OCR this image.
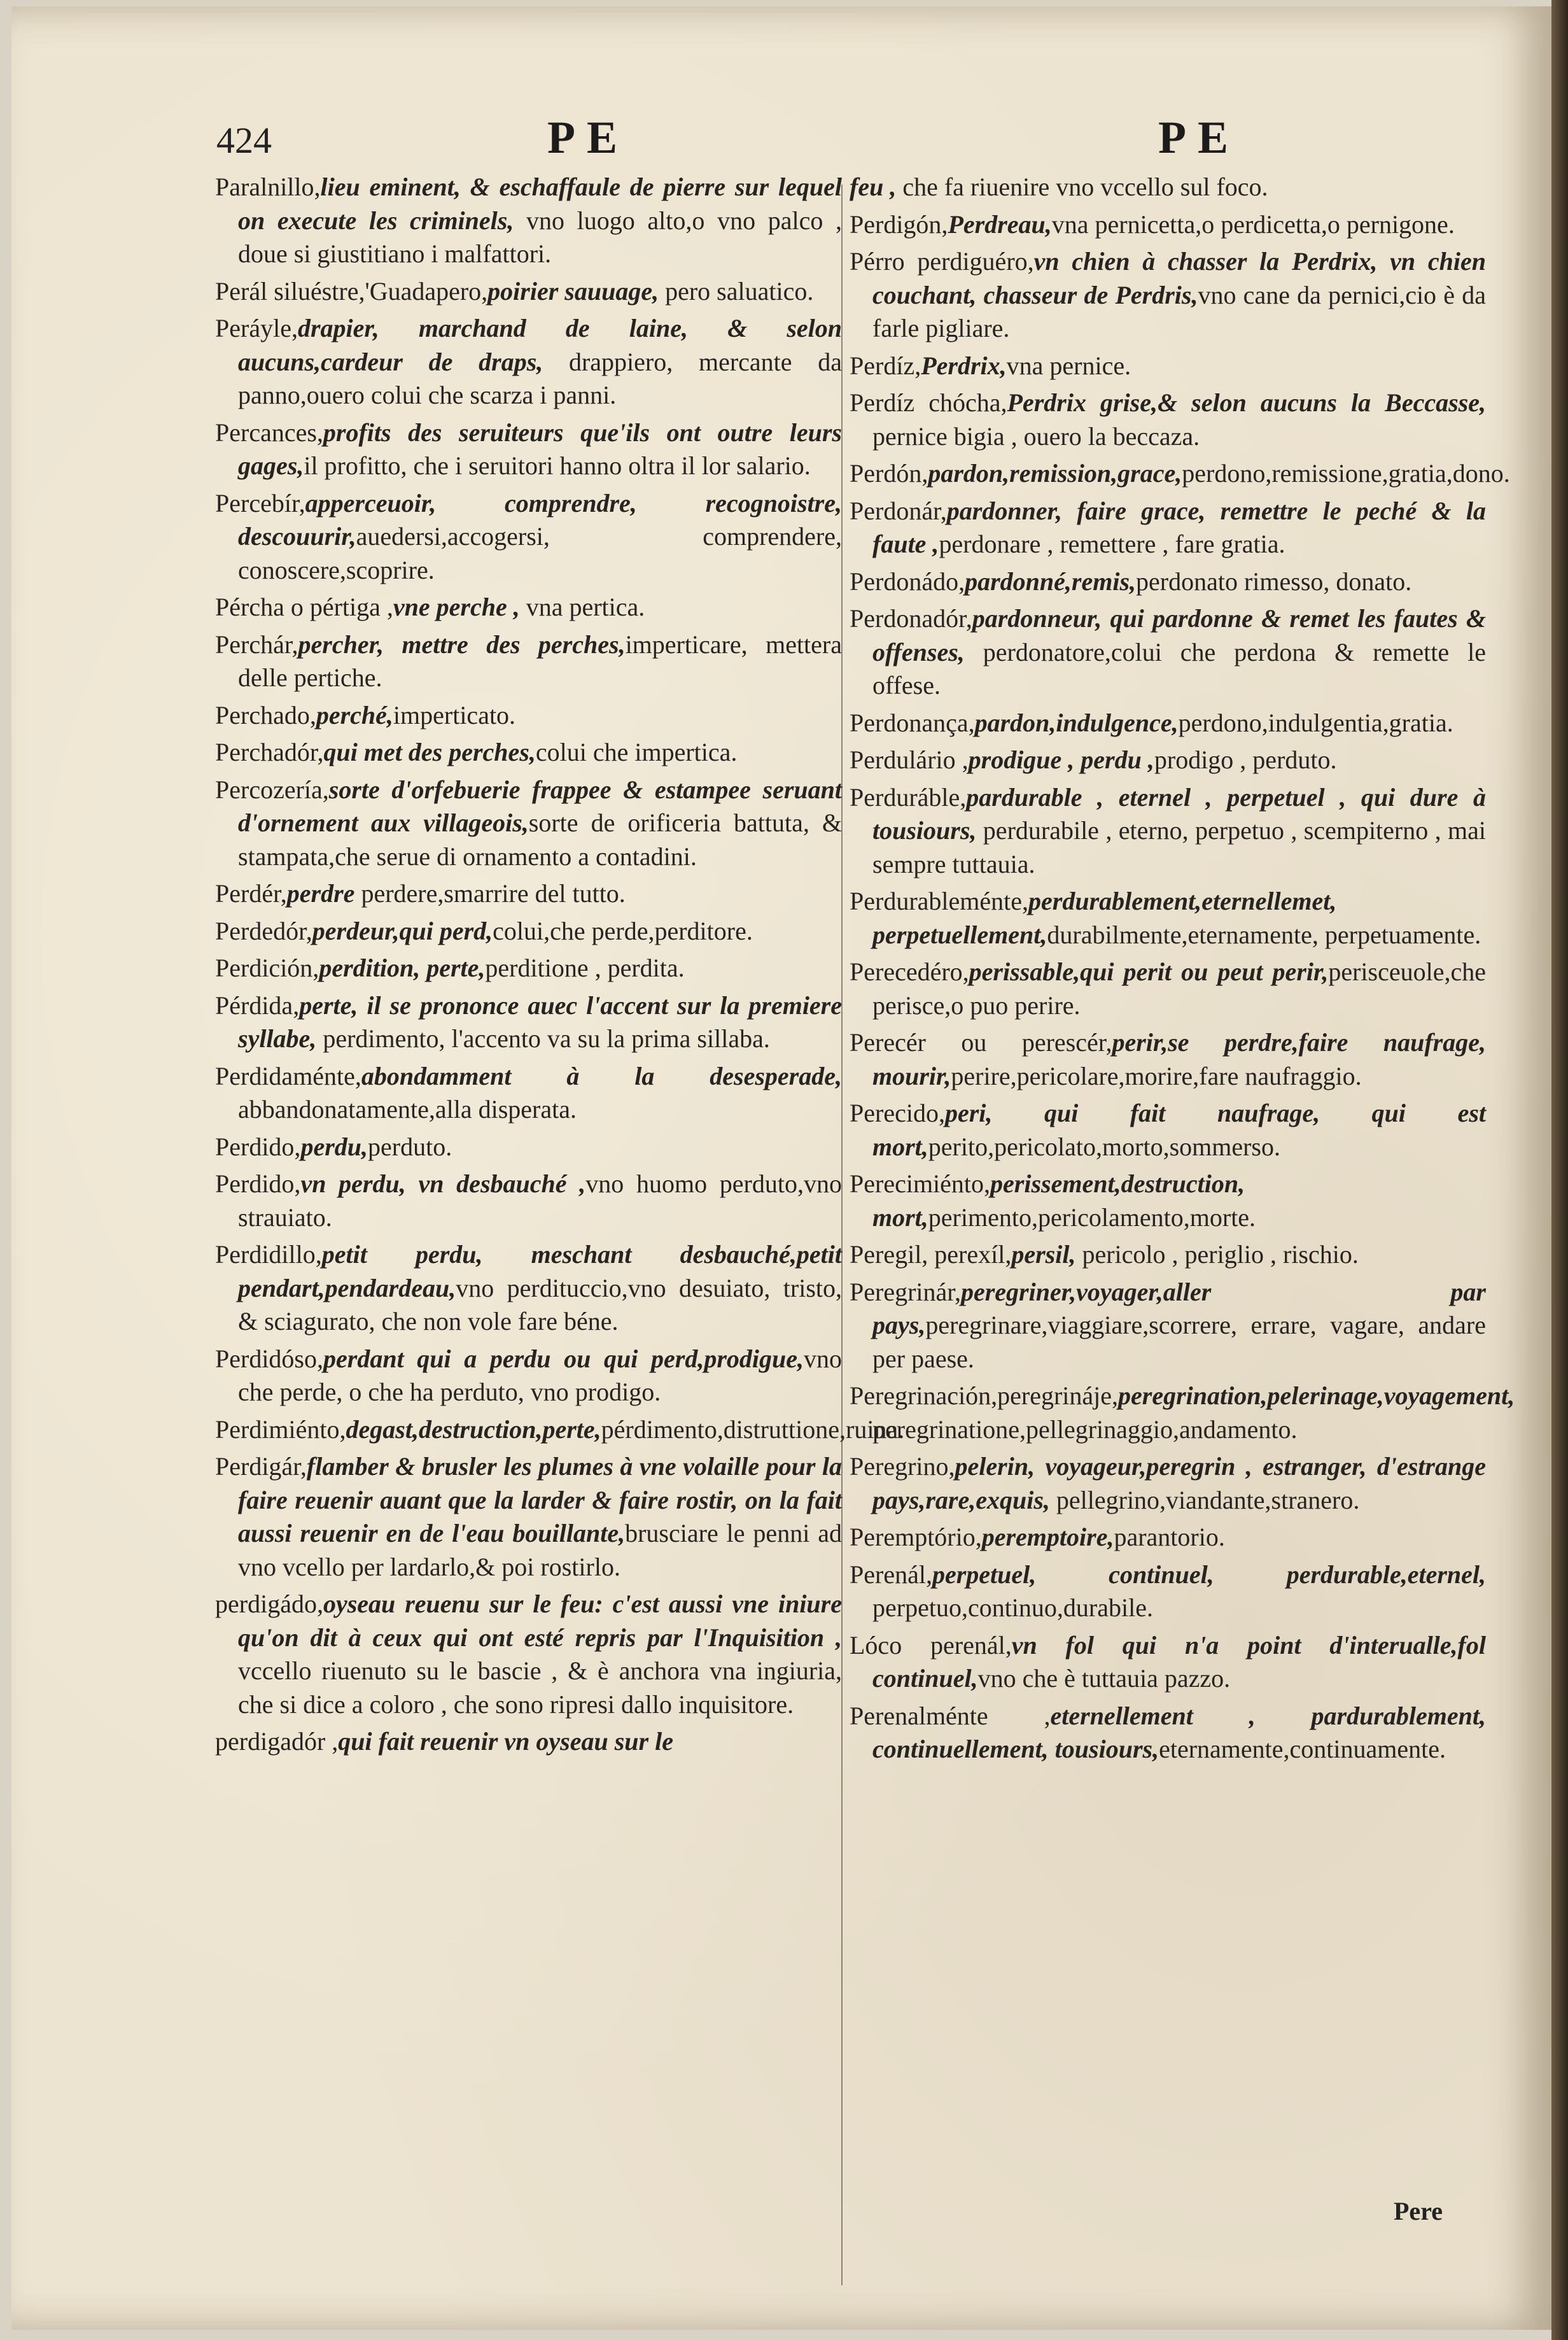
424	PE	PE
Paralnillo,lieu eminent, & eschaffaule de pierre sur lequel on execute les criminels, vno luogo alto,o vno palco , doue si giustitiano i malfattori.
Perál siluéstre,'Guadapero,poirier sauuage, pero saluatico.
Peráyle,drapier, marchand de laine, & selon aucuns,cardeur de draps, drappiero, mercante da panno,ouero colui che scarza i panni.
Percances,profits des seruiteurs que'ils ont outre leurs gages,il profitto, che i seruitori hanno oltra il lor salario.
Percebír,apperceuoir, comprendre, recognoistre, descouurir,auedersi,accogersi, comprendere, conoscere,scoprire.
Pércha o pértiga ,vne perche , vna pertica.
Perchár,percher, mettre des perches,imperticare, mettera delle pertiche.
Perchado,perché,imperticato.
Perchadór,qui met des perches,colui che impertica.
Percozería,sorte d'orfebuerie frappee & estampee seruant d'ornement aux villageois,sorte de orificeria battuta, & stampata,che serue di ornamento a contadini.
Perdér,perdre perdere,smarrire del tutto.
Perdedór,perdeur,qui perd,colui,che perde,perditore.
Perdición,perdition, perte,perditione , perdita.
Pérdida,perte, il se prononce auec l'accent sur la premiere syllabe, perdimento, l'accento va su la prima sillaba.
Perdidaménte,abondamment à la desesperade, abbandonatamente,alla disperata.
Perdido,perdu,perduto.
Perdido,vn perdu, vn desbauché ,vno huomo perduto,vno strauiato.
Perdidillo,petit perdu, meschant desbauché,petit pendart,pendardeau,vno perdituccio,vno desuiato, tristo, & sciagurato, che non vole fare béne.
Perdidóso,perdant qui a perdu ou qui perd,prodigue,vno che perde, o che ha perduto, vno prodigo.
Perdimiénto,degast,destruction,perte,pérdimento,distruttione,ruina.
Perdigár,flamber & brusler les plumes à vne volaille pour la faire reuenir auant que la larder & faire rostir, on la fait aussi reuenir en de l'eau bouillante,brusciare le penni ad vno vcello per lardarlo,& poi rostirlo.
perdigádo,oyseau reuenu sur le feu: c'est aussi vne iniure qu'on dit à ceux qui ont esté repris par l'Inquisition , vccello riuenuto su le bascie , & è anchora vna ingiuria, che si dice a coloro , che sono ripresi dallo inquisitore.
perdigadór ,qui fait reuenir vn oyseau sur le
feu , che fa riuenire vno vccello sul foco.
Perdigón,Perdreau,vna pernicetta,o perdicetta,o pernigone.
Pérro perdiguéro,vn chien à chasser la Perdrix, vn chien couchant, chasseur de Perdris,vno cane da pernici,cio è da farle pigliare.
Perdíz,Perdrix,vna pernice.
Perdíz chócha,Perdrix grise,& selon aucuns la Beccasse, pernice bigia , ouero la beccaza.
Perdón,pardon,remission,grace,perdono,remissione,gratia,dono.
Perdonár,pardonner, faire grace, remettre le peché & la faute ,perdonare , remettere , fare gratia.
Perdonádo,pardonné,remis,perdonato rimesso, donato.
Perdonadór,pardonneur, qui pardonne & remet les fautes & offenses, perdonatore,colui che perdona & remette le offese.
Perdonança,pardon,indulgence,perdono,indulgentia,gratia.
Perdulário ,prodigue , perdu ,prodigo , perduto.
Perduráble,pardurable , eternel , perpetuel , qui dure à tousiours, perdurabile , eterno, perpetuo , scempiterno , mai sempre tuttauia.
Perdurableménte,perdurablement,eternellemet, perpetuellement,durabilmente,eternamente, perpetuamente.
Perecedéro,perissable,qui perit ou peut perir,perisceuole,che perisce,o puo perire.
Perecér ou perescér,perir,se perdre,faire naufrage, mourir,perire,pericolare,morire,fare naufraggio.
Perecido,peri, qui fait naufrage, qui est mort,perito,pericolato,morto,sommerso.
Perecimiénto,perissement,destruction, mort,perimento,pericolamento,morte.
Peregil, perexíl,persil, pericolo , periglio , rischio.
Peregrinár,peregriner,voyager,aller par pays,peregrinare,viaggiare,scorrere, errare, vagare, andare per paese.
Peregrinación,peregrináje,peregrination,pelerinage,voyagement, peregrinatione,pellegrinaggio,andamento.
Peregrino,pelerin, voyageur,peregrin , estranger, d'estrange pays,rare,exquis, pellegrino,viandante,stranero.
Peremptório,peremptoire,parantorio.
Perenál,perpetuel, continuel, perdurable,eternel, perpetuo,continuo,durabile.
Lóco perenál,vn fol qui n'a point d'interualle,fol continuel,vno che è tuttauia pazzo.
Perenalménte ,eternellement , pardurablement, continuellement, tousiours,eternamente,continuamente.
Pere
